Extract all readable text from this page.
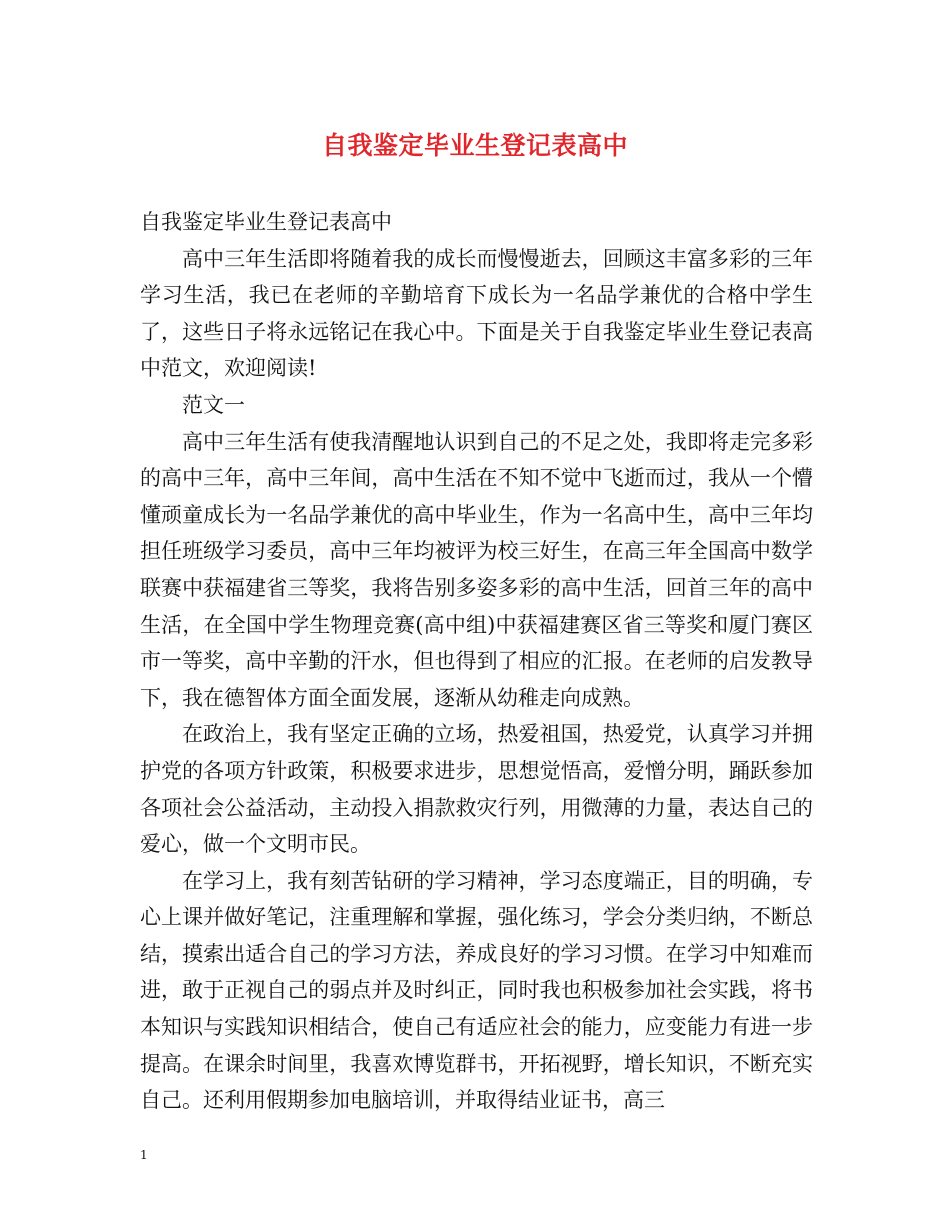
自我鉴定毕业生登记表高中

自我鉴定毕业生登记表高中

高中三年生活即将随着我的成长而慢慢逝去，回顾这丰富多彩的三年学习生活，我已在老师的辛勤培育下成长为一名品学兼优的合格中学生了，这些日子将永远铭记在我心中。下面是关于自我鉴定毕业生登记表高中范文，欢迎阅读!

范文一

高中三年生活有使我清醒地认识到自己的不足之处，我即将走完多彩的高中三年，高中三年间，高中生活在不知不觉中飞逝而过，我从一个懵懂顽童成长为一名品学兼优的高中毕业生，作为一名高中生，高中三年均担任班级学习委员，高中三年均被评为校三好生，在高三年全国高中数学联赛中获福建省三等奖，我将告别多姿多彩的高中生活，回首三年的高中生活，在全国中学生物理竞赛(高中组)中获福建赛区省三等奖和厦门赛区市一等奖，高中辛勤的汗水，但也得到了相应的汇报。在老师的启发教导下，我在德智体方面全面发展，逐渐从幼稚走向成熟。

在政治上，我有坚定正确的立场，热爱祖国，热爱党，认真学习并拥护党的各项方针政策，积极要求进步，思想觉悟高，爱憎分明，踊跃参加各项社会公益活动，主动投入捐款救灾行列，用微薄的力量，表达自己的爱心，做一个文明市民。

在学习上，我有刻苦钻研的学习精神，学习态度端正，目的明确，专心上课并做好笔记，注重理解和掌握，强化练习，学会分类归纳，不断总结，摸索出适合自己的学习方法，养成良好的学习习惯。在学习中知难而进，敢于正视自己的弱点并及时纠正，同时我也积极参加社会实践，将书本知识与实践知识相结合，使自己有适应社会的能力，应变能力有进一步提高。在课余时间里，我喜欢博览群书，开拓视野，增长知识，不断充实自己。还利用假期参加电脑培训，并取得结业证书，高三

1
